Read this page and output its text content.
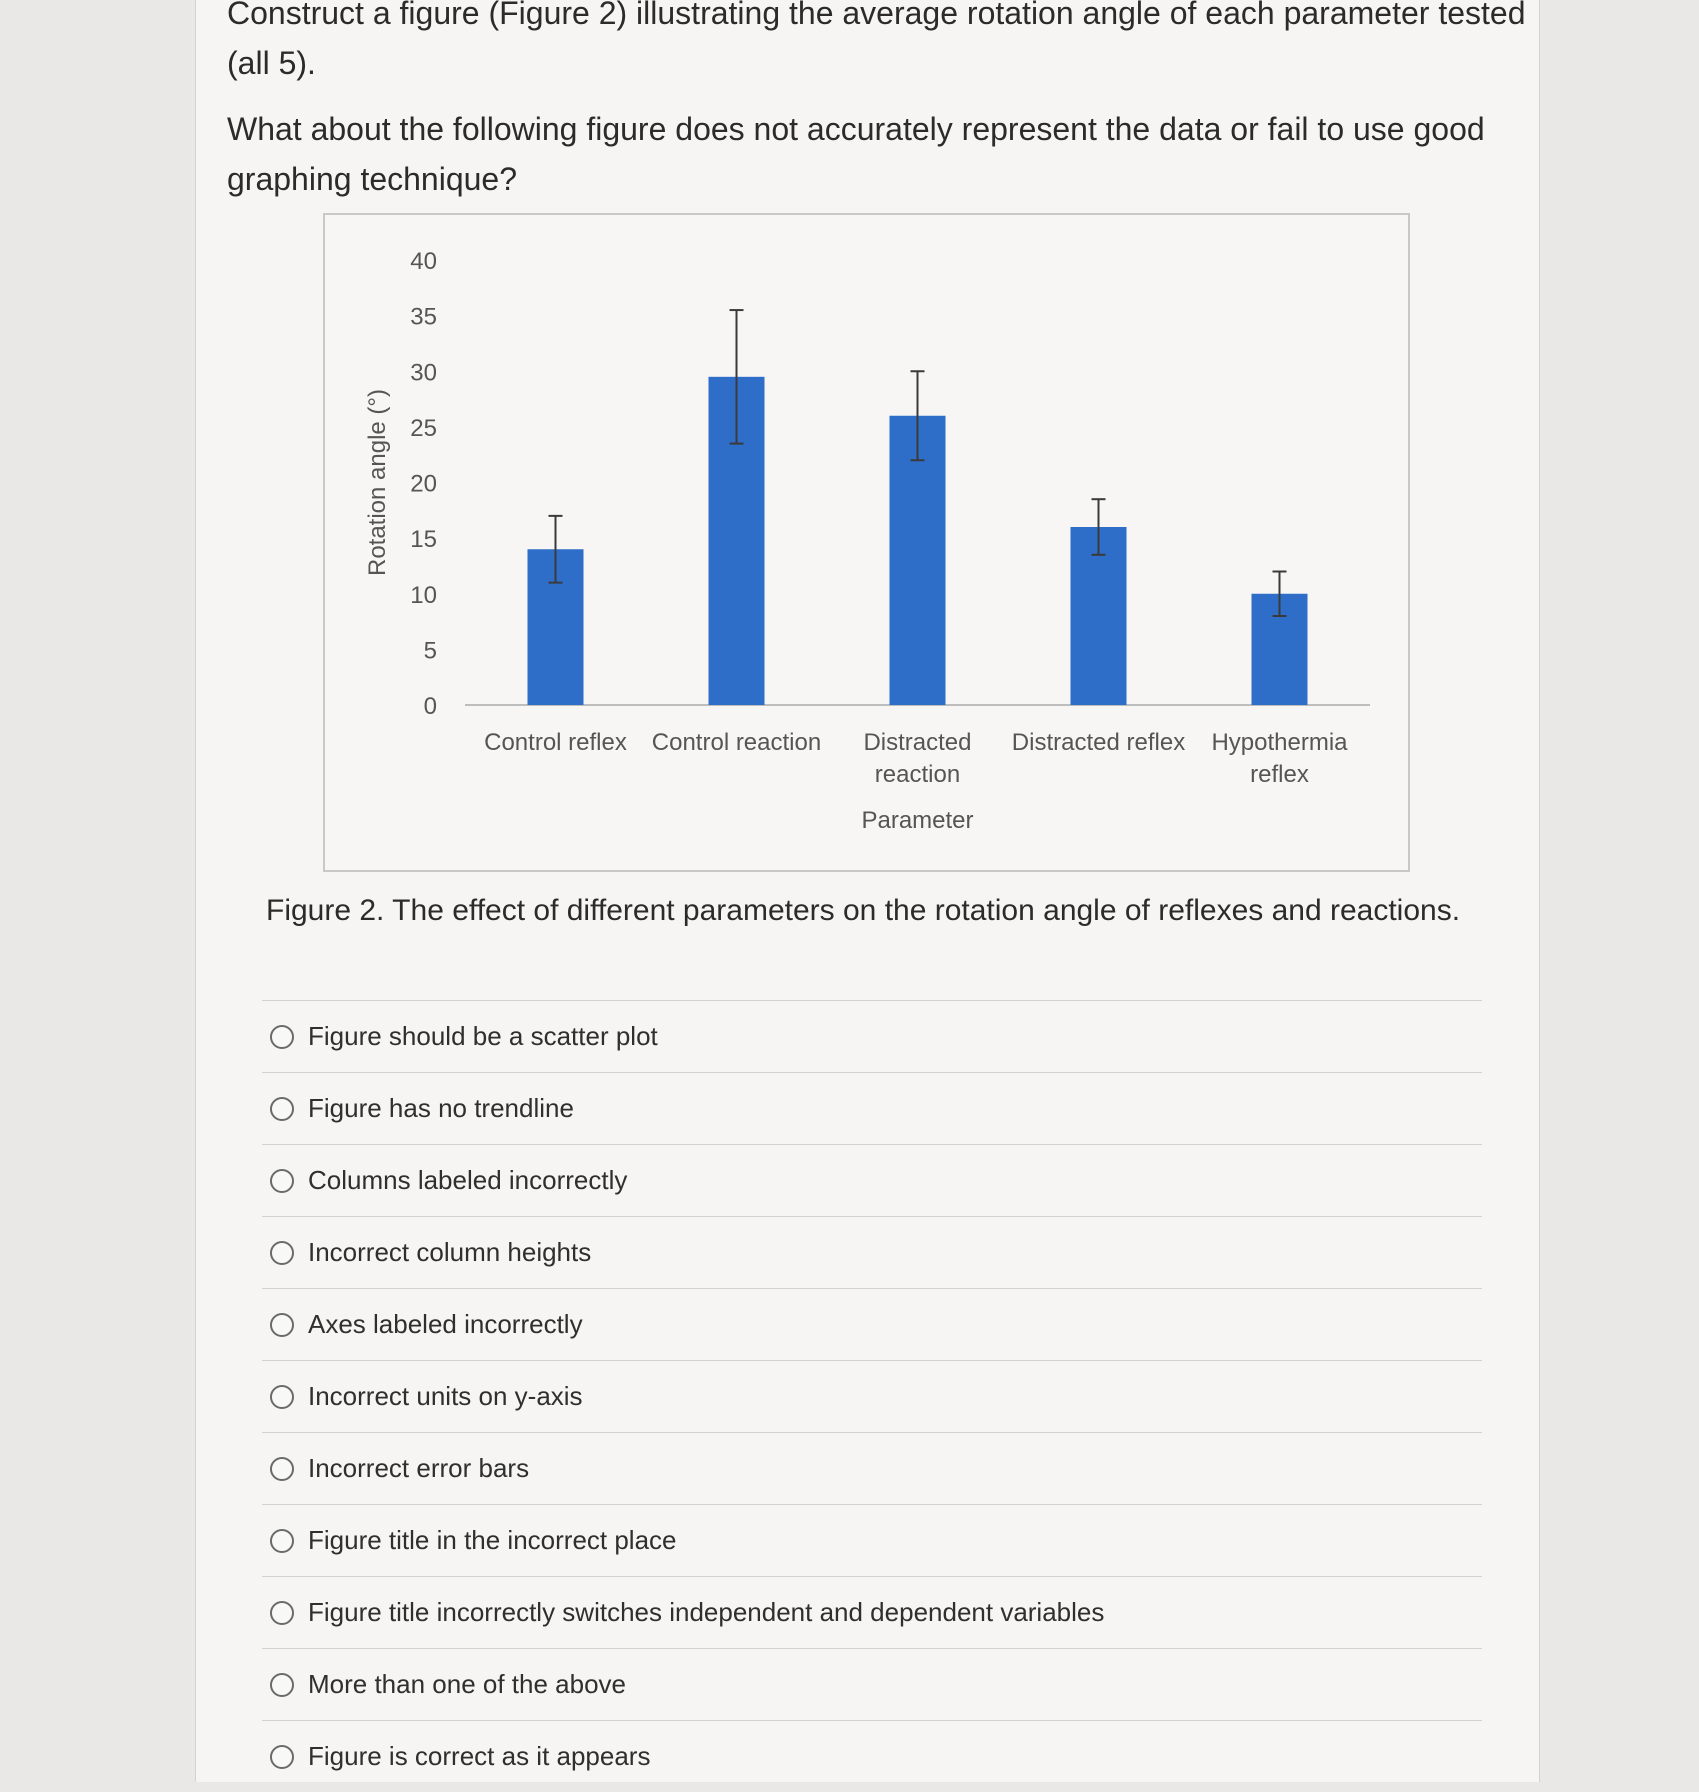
Construct a figure (Figure 2) illustrating the average rotation angle of each parameter tested
(all 5).
What about the following figure does not accurately represent the data or fail to use good
graphing technique?
0
5
10
15
20
25
30
35
40
Rotation angle (°)
Control reflex Control reaction Distracted
reaction
Distracted reflex Hypothermia
reflex
Parameter
Figure 2. The effect of different parameters on the rotation angle of reflexes and reactions.
Figure should be a scatter plot
Figure has no trendline
Columns labeled incorrectly
Incorrect column heights
Axes labeled incorrectly
Incorrect units on y-axis
Incorrect error bars
Figure title in the incorrect place
Figure title incorrectly switches independent and dependent variables
More than one of the above
Figure is correct as it appears
